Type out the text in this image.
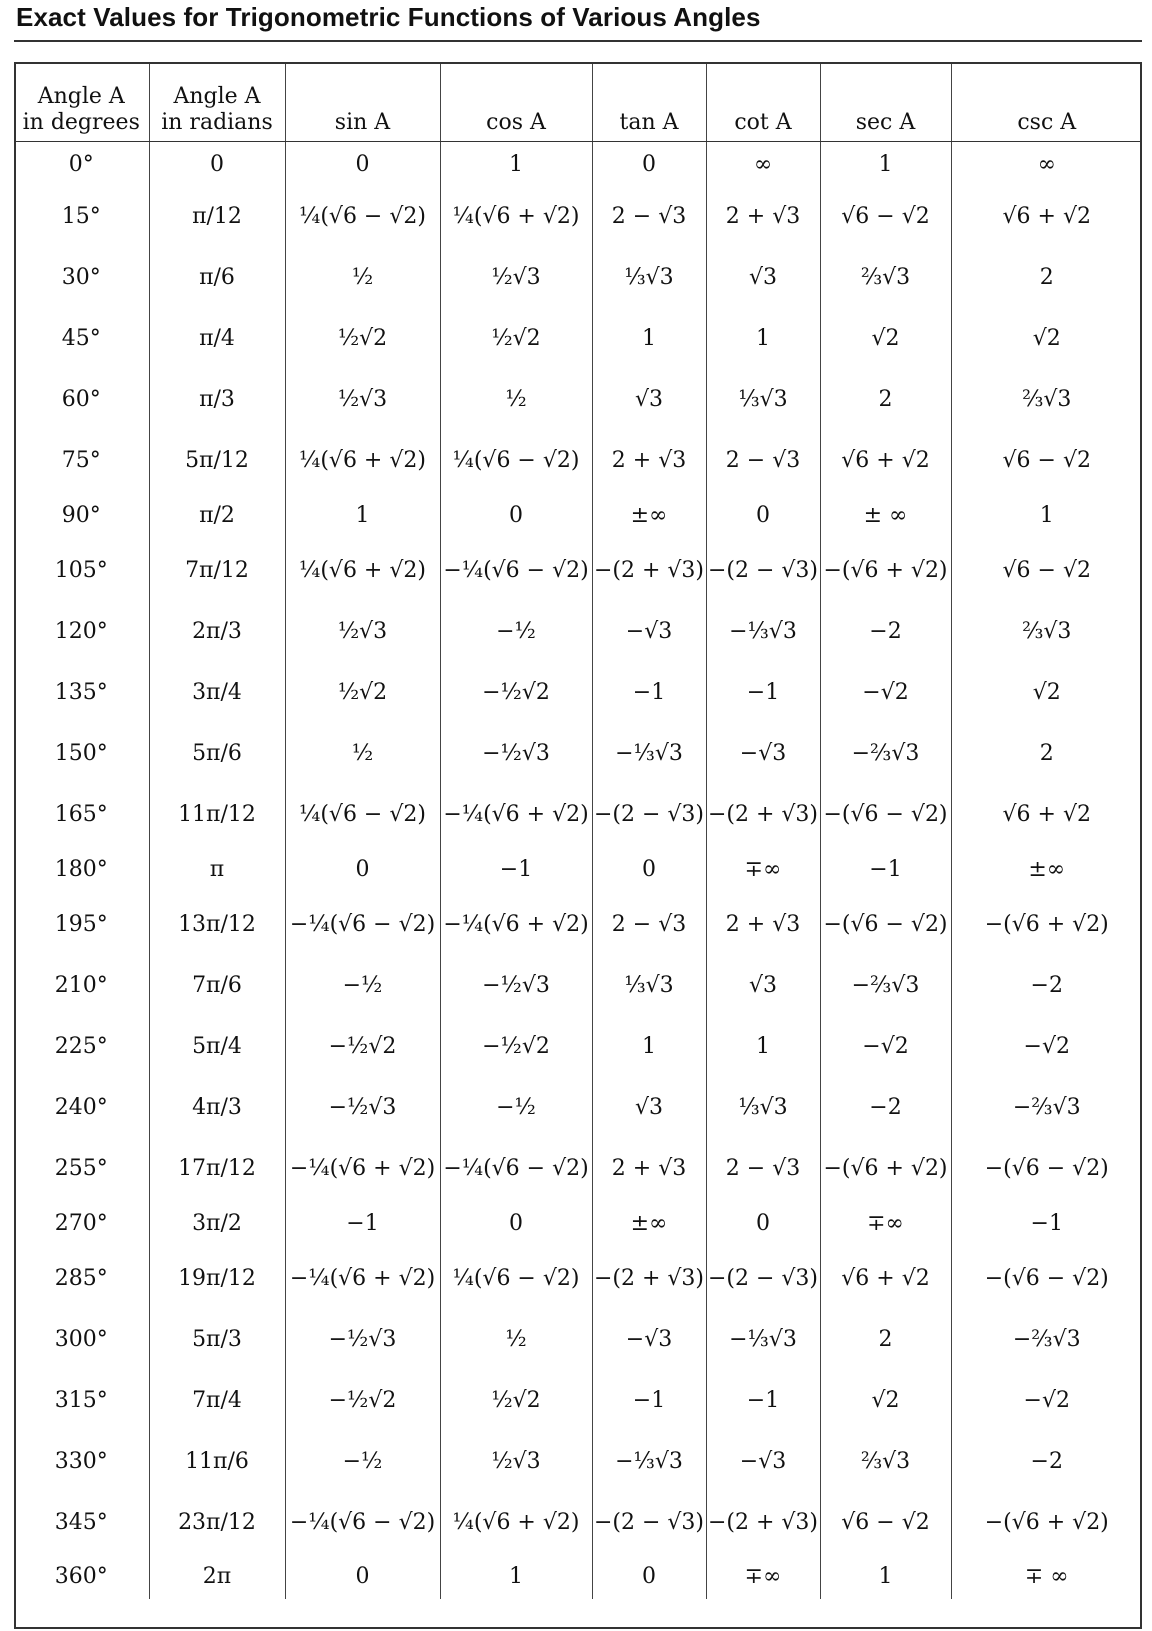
Exact Values for Trigonometric Functions of Various Angles
Angle A
in degrees	Angle A
in radians	sin A	cos A	tan A	cot A	sec A	csc A

0°	0	0	1	0	∞	1	∞
15°	π/12	¼(√6 − √2)	¼(√6 + √2)	2 − √3	2 + √3	√6 − √2	√6 + √2
30°	π/6	½	½√3	⅓√3	√3	⅔√3	2
45°	π/4	½√2	½√2	1	1	√2	√2
60°	π/3	½√3	½	√3	⅓√3	2	⅔√3
75°	5π/12	¼(√6 + √2)	¼(√6 − √2)	2 + √3	2 − √3	√6 + √2	√6 − √2
90°	π/2	1	0	±∞	0	± ∞	1
105°	7π/12	¼(√6 + √2)	−¼(√6 − √2)	−(2 + √3)	−(2 − √3)	−(√6 + √2)	√6 − √2
120°	2π/3	½√3	−½	−√3	−⅓√3	−2	⅔√3
135°	3π/4	½√2	−½√2	−1	−1	−√2	√2
150°	5π/6	½	−½√3	−⅓√3	−√3	−⅔√3	2
165°	11π/12	¼(√6 − √2)	−¼(√6 + √2)	−(2 − √3)	−(2 + √3)	−(√6 − √2)	√6 + √2
180°	π	0	−1	0	∓∞	−1	±∞
195°	13π/12	−¼(√6 − √2)	−¼(√6 + √2)	2 − √3	2 + √3	−(√6 − √2)	−(√6 + √2)
210°	7π/6	−½	−½√3	⅓√3	√3	−⅔√3	−2
225°	5π/4	−½√2	−½√2	1	1	−√2	−√2
240°	4π/3	−½√3	−½	√3	⅓√3	−2	−⅔√3
255°	17π/12	−¼(√6 + √2)	−¼(√6 − √2)	2 + √3	2 − √3	−(√6 + √2)	−(√6 − √2)
270°	3π/2	−1	0	±∞	0	∓∞	−1
285°	19π/12	−¼(√6 + √2)	¼(√6 − √2)	−(2 + √3)	−(2 − √3)	√6 + √2	−(√6 − √2)
300°	5π/3	−½√3	½	−√3	−⅓√3	2	−⅔√3
315°	7π/4	−½√2	½√2	−1	−1	√2	−√2
330°	11π/6	−½	½√3	−⅓√3	−√3	⅔√3	−2
345°	23π/12	−¼(√6 − √2)	¼(√6 + √2)	−(2 − √3)	−(2 + √3)	√6 − √2	−(√6 + √2)
360°	2π	0	1	0	∓∞	1	∓ ∞
